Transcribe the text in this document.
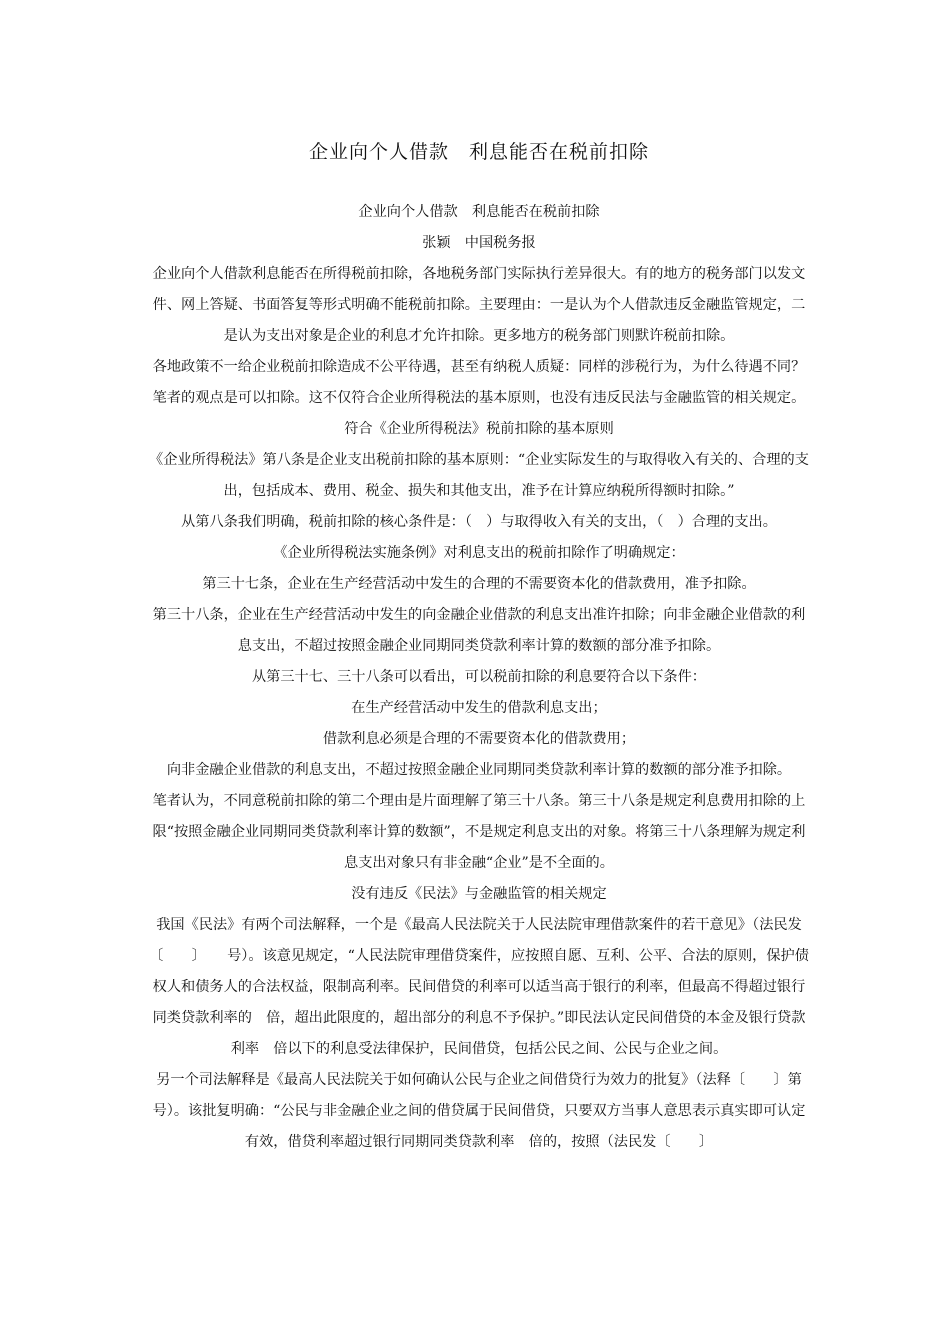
企业向个人借款　利息能否在税前扣除

企业向个人借款　利息能否在税前扣除

张颖　中国税务报

企业向个人借款利息能否在所得税前扣除，各地税务部门实际执行差异很大。有的地方的税务部门以发文件、网上答疑、书面答复等形式明确不能税前扣除。主要理由：一是认为个人借款违反金融监管规定，二是认为支出对象是企业的利息才允许扣除。更多地方的税务部门则默许税前扣除。

各地政策不一给企业税前扣除造成不公平待遇，甚至有纳税人质疑：同样的涉税行为，为什么待遇不同？笔者的观点是可以扣除。这不仅符合企业所得税法的基本原则，也没有违反民法与金融监管的相关规定。

符合《企业所得税法》税前扣除的基本原则

《企业所得税法》第八条是企业支出税前扣除的基本原则：“企业实际发生的与取得收入有关的、合理的支出，包括成本、费用、税金、损失和其他支出，准予在计算应纳税所得额时扣除。”

从第八条我们明确，税前扣除的核心条件是：（　）与取得收入有关的支出，（　）合理的支出。

《企业所得税法实施条例》对利息支出的税前扣除作了明确规定：

第三十七条，企业在生产经营活动中发生的合理的不需要资本化的借款费用，准予扣除。

第三十八条，企业在生产经营活动中发生的向金融企业借款的利息支出准许扣除；向非金融企业借款的利息支出，不超过按照金融企业同期同类贷款利率计算的数额的部分准予扣除。

从第三十七、三十八条可以看出，可以税前扣除的利息要符合以下条件：

在生产经营活动中发生的借款利息支出；

借款利息必须是合理的不需要资本化的借款费用；

向非金融企业借款的利息支出，不超过按照金融企业同期同类贷款利率计算的数额的部分准予扣除。

笔者认为，不同意税前扣除的第二个理由是片面理解了第三十八条。第三十八条是规定利息费用扣除的上限“按照金融企业同期同类贷款利率计算的数额”，不是规定利息支出的对象。将第三十八条理解为规定利息支出对象只有非金融“企业”是不全面的。

没有违反《民法》与金融监管的相关规定

我国《民法》有两个司法解释，一个是《最高人民法院关于人民法院审理借款案件的若干意见》（法民发〔　　〕　　号）。该意见规定，“人民法院审理借贷案件，应按照自愿、互利、公平、合法的原则，保护债权人和债务人的合法权益，限制高利率。民间借贷的利率可以适当高于银行的利率，但最高不得超过银行同类贷款利率的　倍，超出此限度的，超出部分的利息不予保护。”即民法认定民间借贷的本金及银行贷款利率　倍以下的利息受法律保护，民间借贷，包括公民之间、公民与企业之间。

另一个司法解释是《最高人民法院关于如何确认公民与企业之间借贷行为效力的批复》（法释〔　　〕第　号）。该批复明确：“公民与非金融企业之间的借贷属于民间借贷，只要双方当事人意思表示真实即可认定有效，借贷利率超过银行同期同类贷款利率　倍的，按照（法民发〔　　〕
